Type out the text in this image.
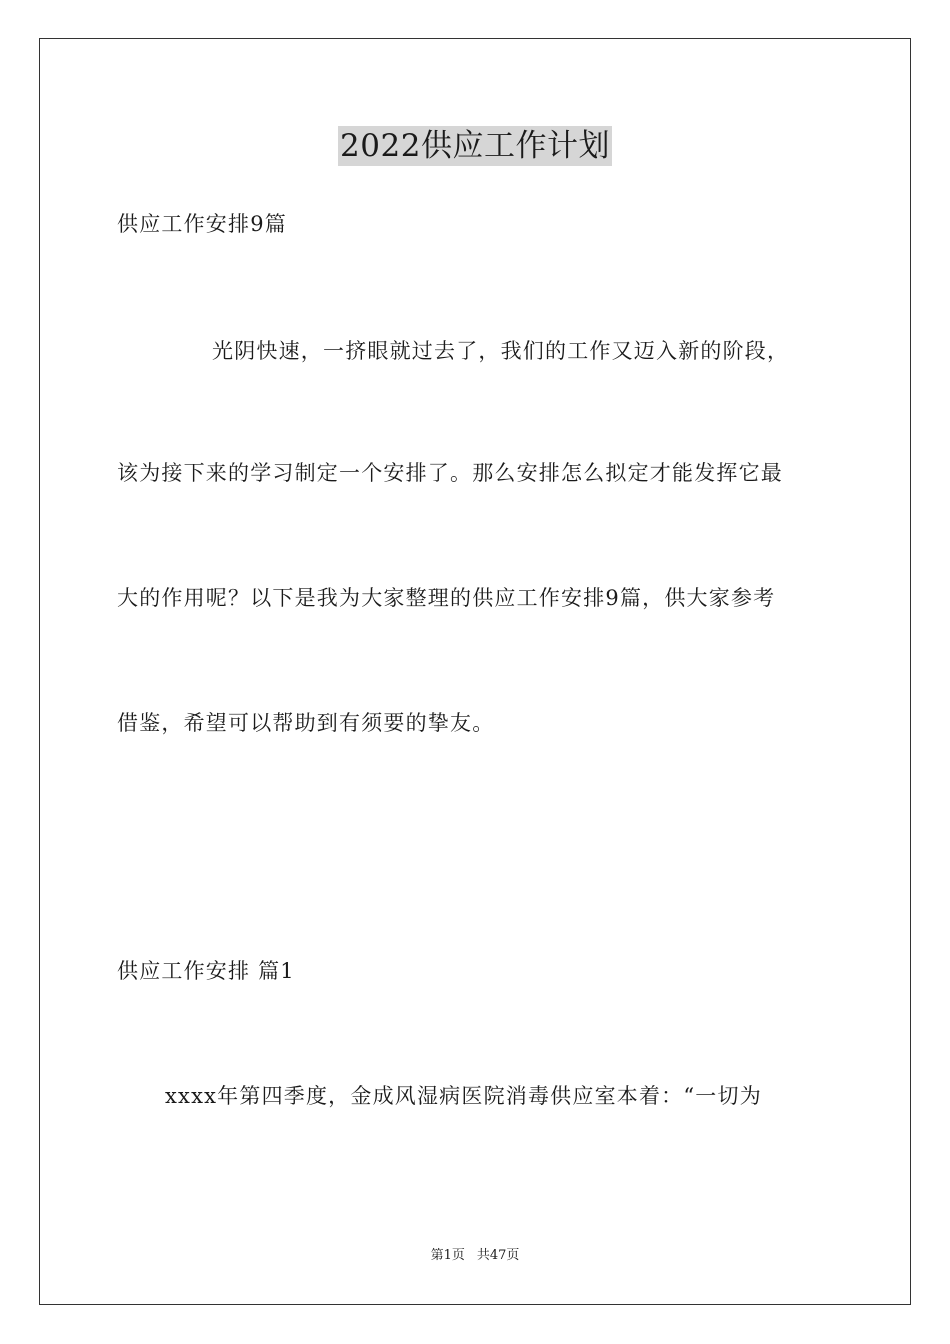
2022供应工作计划
供应工作安排9篇
光阴快速，一挤眼就过去了，我们的工作又迈入新的阶段，
该为接下来的学习制定一个安排了。那么安排怎么拟定才能发挥它最
大的作用呢？以下是我为大家整理的供应工作安排9篇，供大家参考
借鉴，希望可以帮助到有须要的挚友。
供应工作安排 篇1
xxxx年第四季度，金成风湿病医院消毒供应室本着：“一切为
第1页 共47页
